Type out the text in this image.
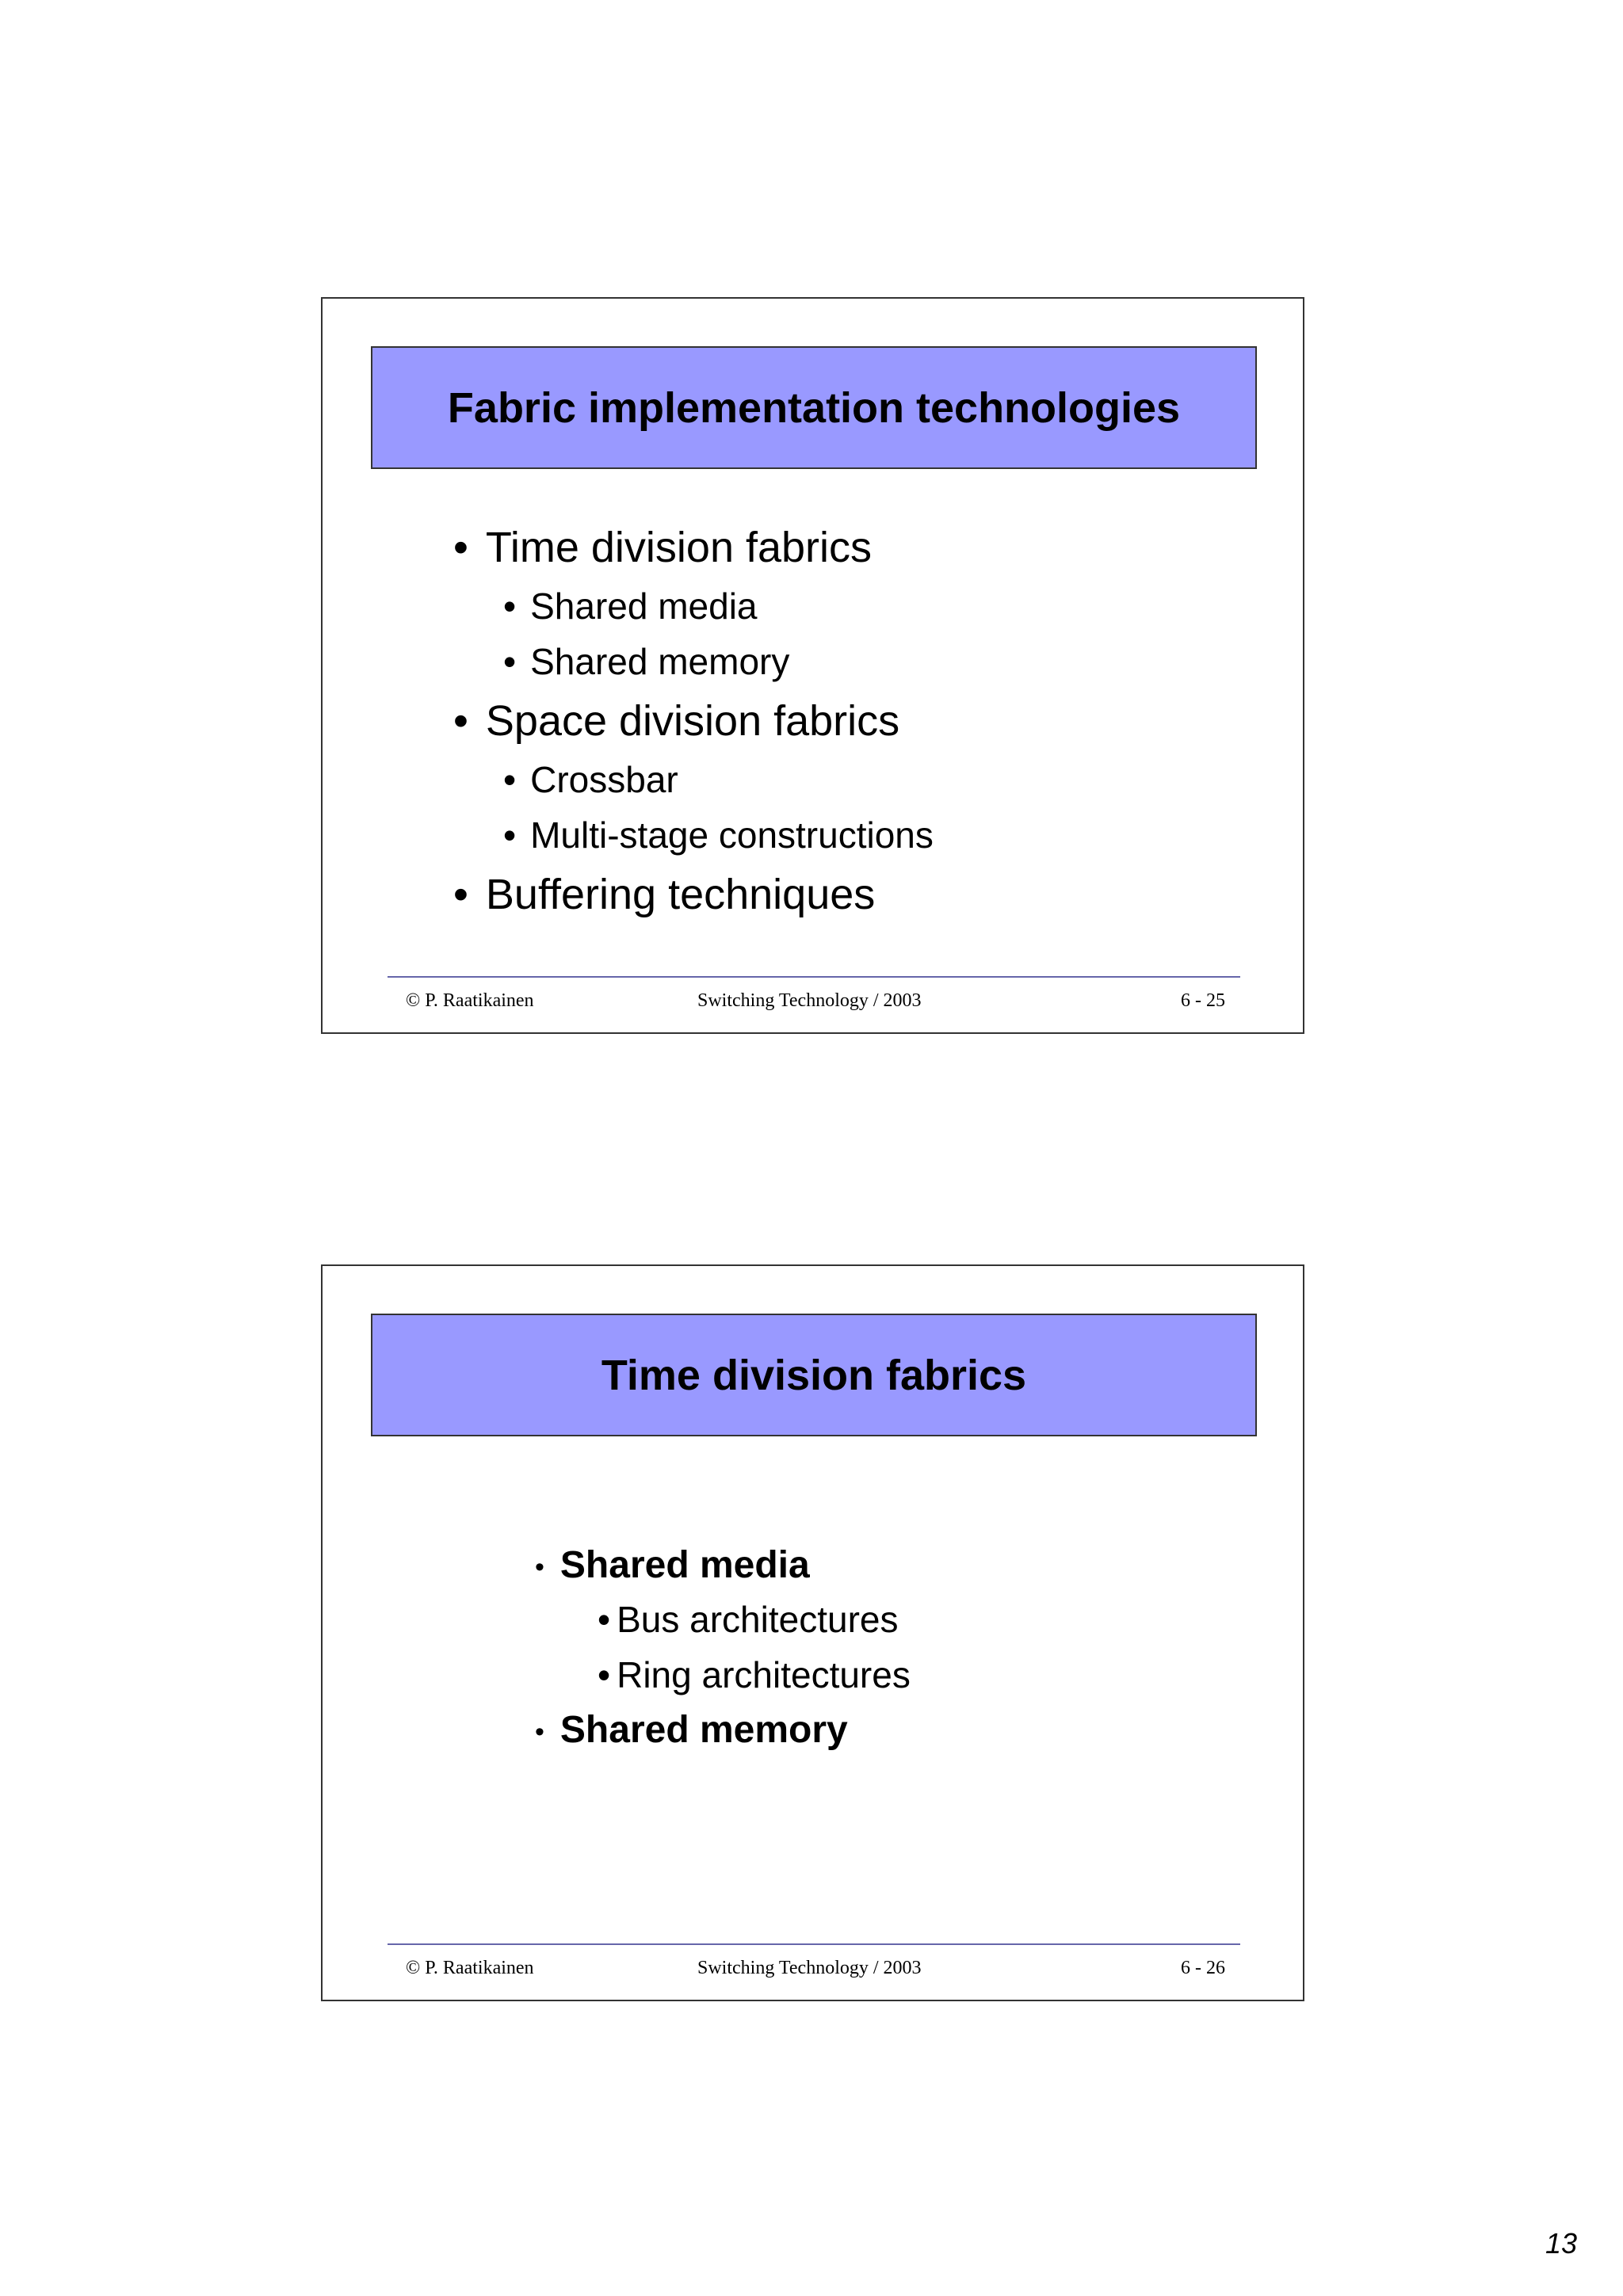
Fabric implementation technologies
• Time division fabrics
• Shared media
• Shared memory
• Space division fabrics
• Crossbar
• Multi-stage constructions
• Buffering techniques
© P. Raatikainen	Switching Technology / 2003	6 - 25
Time division fabrics
• Shared media
• Bus architectures
• Ring architectures
• Shared memory
© P. Raatikainen	Switching Technology / 2003	6 - 26
13
